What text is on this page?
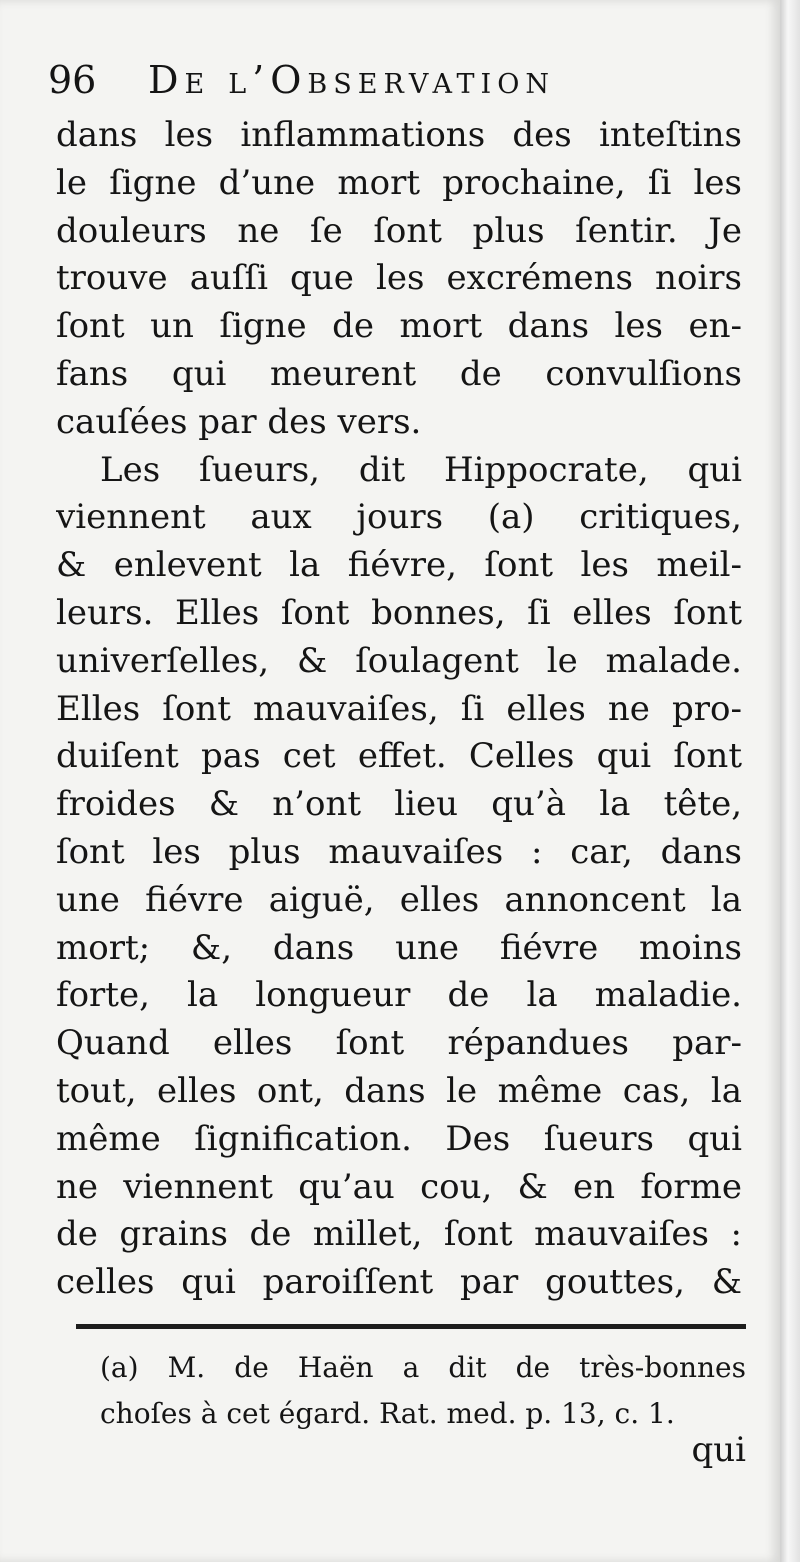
96 De l’Observation
dans les inflammations des inteſtins
le ſigne d’une mort prochaine, ſi les
douleurs ne ſe ſont plus ſentir. Je
trouve auſſi que les excrémens noirs
ſont un ſigne de mort dans les en-
fans qui meurent de convulſions
cauſées par des vers.
Les ſueurs, dit Hippocrate, qui
viennent aux jours (a) critiques,
& enlevent la fiévre, ſont les meil-
leurs. Elles ſont bonnes, ſi elles ſont
univerſelles, & ſoulagent le malade.
Elles ſont mauvaiſes, ſi elles ne pro-
duiſent pas cet effet. Celles qui ſont
froides & n’ont lieu qu’à la tête,
ſont les plus mauvaiſes : car, dans
une fiévre aiguë, elles annoncent la
mort; &, dans une fiévre moins
forte, la longueur de la maladie.
Quand elles ſont répandues par-
tout, elles ont, dans le même cas, la
même ſignification. Des ſueurs qui
ne viennent qu’au cou, & en forme
de grains de millet, ſont mauvaiſes :
celles qui paroiſſent par gouttes, &
(a) M. de Haën a dit de très-bonnes
choſes à cet égard. Rat. med. p. 13, c. 1.
qui
